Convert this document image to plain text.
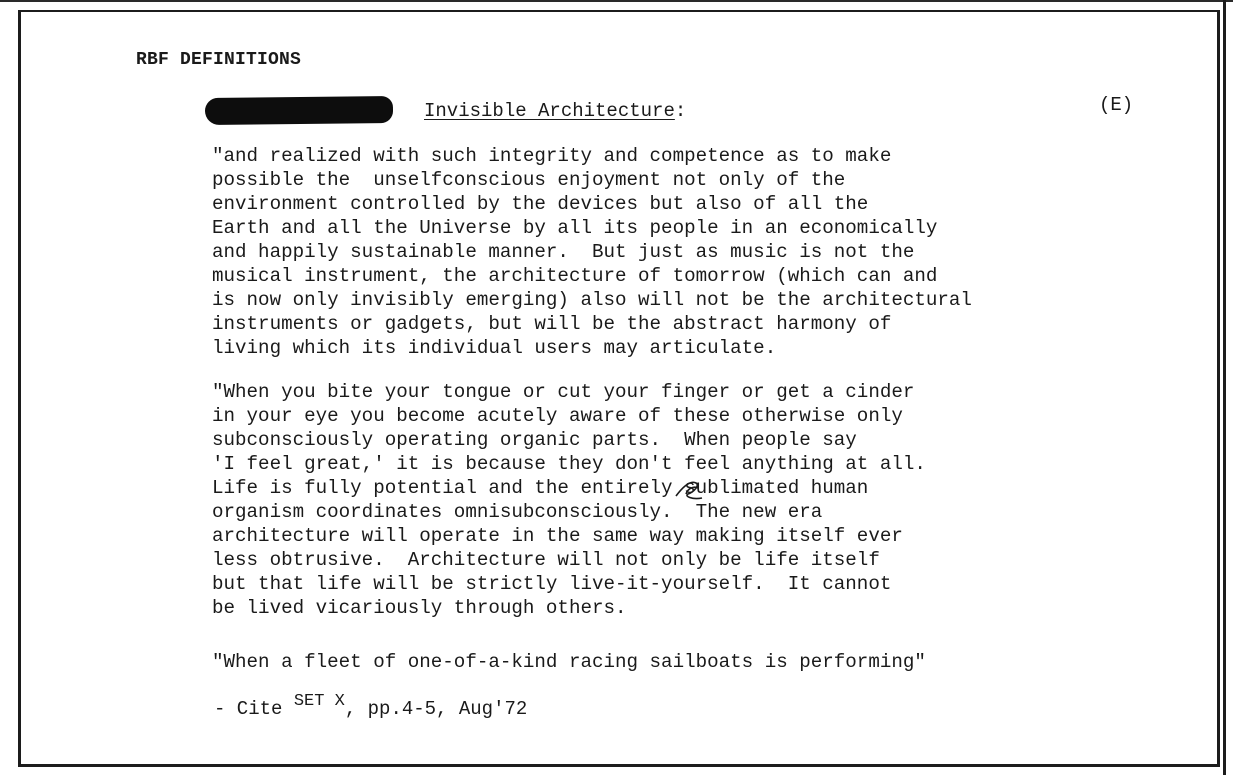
RBF DEFINITIONS
Invisible Architecture:	(E)

"and realized with such integrity and competence as to make
possible the  unselfconscious enjoyment not only of the
environment controlled by the devices but also of all the
Earth and all the Universe by all its people in an economically
and happily sustainable manner.  But just as music is not the
musical instrument, the architecture of tomorrow (which can and
is now only invisibly emerging) also will not be the architectural
instruments or gadgets, but will be the abstract harmony of
living which its individual users may articulate.

"When you bite your tongue or cut your finger or get a cinder
in your eye you become acutely aware of these otherwise only
subconsciously operating organic parts.  When people say
'I feel great,' it is because they don't feel anything at all.
Life is fully potential and the entirely sublimated human
organism coordinates omnisubconsciously.  The new era
architecture will operate in the same way making itself ever
less obtrusive.  Architecture will not only be life itself
but that life will be strictly live-it-yourself.  It cannot
be lived vicariously through others.

"When a fleet of one-of-a-kind racing sailboats is performing"

- Cite SET X, pp.4-5, Aug'72
